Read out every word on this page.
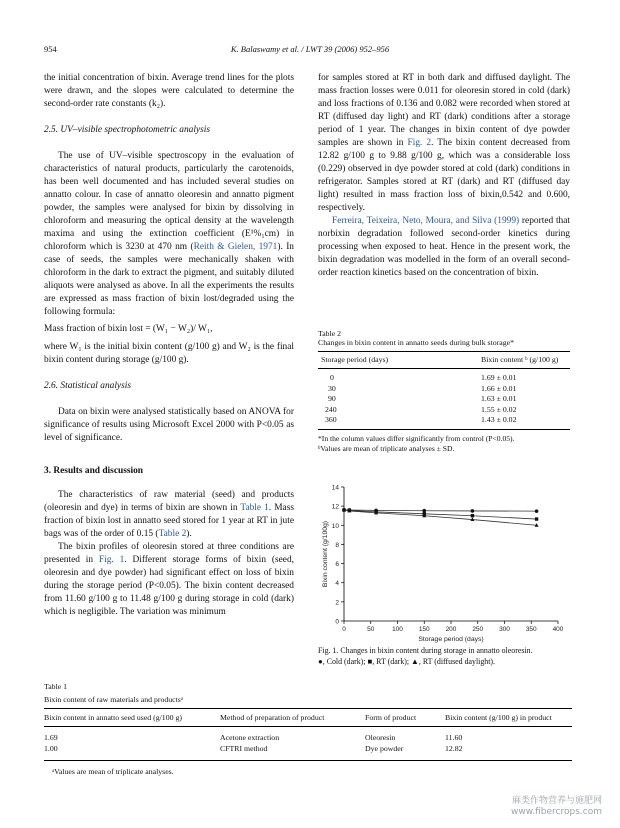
954	K. Balaswamy et al. / LWT 39 (2006) 952–956

the initial concentration of bixin. Average trend lines for the plots were drawn, and the slopes were calculated to determine the second-order rate constants (k₂).

2.5. UV–visible spectrophotometric analysis

The use of UV–visible spectroscopy in the evaluation of characteristics of natural products, particularly the carotenoids, has been well documented and has included several studies on annatto colour. In case of annatto oleoresin and annatto pigment powder, the samples were analysed for bixin by dissolving in chloroform and measuring the optical density at the wavelength maxima and using the extinction coefficient (E¹%₁cm) in chloroform which is 3230 at 470 nm (Reith & Gielen, 1971). In case of seeds, the samples were mechanically shaken with chloroform in the dark to extract the pigment, and suitably diluted aliquots were analysed as above. In all the experiments the results are expressed as mass fraction of bixin lost/degraded using the following formula:

Mass fraction of bixin lost = (W₁ − W₂)/ W₁,

where W₁ is the initial bixin content (g/100 g) and W₂ is the final bixin content during storage (g/100 g).

2.6. Statistical analysis

Data on bixin were analysed statistically based on ANOVA for significance of results using Microsoft Excel 2000 with P<0.05 as level of significance.

3. Results and discussion

The characteristics of raw material (seed) and products (oleoresin and dye) in terms of bixin are shown in Table 1. Mass fraction of bixin lost in annatto seed stored for 1 year at RT in jute bags was of the order of 0.15 (Table 2).

The bixin profiles of oleoresin stored at three conditions are presented in Fig. 1. Different storage forms of bixin (seed, oleoresin and dye powder) had significant effect on loss of bixin during the storage period (P<0.05). The bixin content decreased from 11.60 g/100 g to 11.48 g/100 g during storage in cold (dark) which is negligible. The variation was minimum

for samples stored at RT in both dark and diffused daylight. The mass fraction losses were 0.011 for oleoresin stored in cold (dark) and loss fractions of 0.136 and 0.082 were recorded when stored at RT (diffused day light) and RT (dark) conditions after a storage period of 1 year. The changes in bixin content of dye powder samples are shown in Fig. 2. The bixin content decreased from 12.82 g/100 g to 9.88 g/100 g, which was a considerable loss (0.229) observed in dye powder stored at cold (dark) conditions in refrigerator. Samples stored at RT (dark) and RT (diffused day light) resulted in mass fraction loss of bixin,0.542 and 0.600, respectively.

Ferreira, Teixeira, Neto, Moura, and Silva (1999) reported that norbixin degradation followed second-order kinetics during processing when exposed to heat. Hence in the present work, the bixin degradation was modelled in the form of an overall second-order reaction kinetics based on the concentration of bixin.

Table 2
Changes in bixin content in annatto seeds during bulk storage*
Storage period (days)	Bixin content ᵇ (g/100 g)
0	1.69 ± 0.01
30	1.66 ± 0.01
90	1.63 ± 0.01
240	1.55 ± 0.02
360	1.43 ± 0.02
*In the column values differ significantly from control (P<0.05).
ᵇValues are mean of triplicate analyses ± SD.
0
2
4
6
8
10
12
14
0	50	100 150 200 250 300 350 400
Storage period (days)
Bixin content (g/100g)
Fig. 1. Changes in bixin content during storage in annatto oleoresin.
●, Cold (dark); ■, RT (dark); ▲, RT (diffused daylight).
Table 1
Bixin content of raw materials and productsᵃ
Bixin content in annatto seed used (g/100 g)	Method of preparation of product	Form of product	Bixin content (g/100 g) in product
1.69	Acetone extraction	Oleoresin	11.60
1.00	CFTRI method	Dye powder	12.82
ᵃValues are mean of triplicate analyses.
麻类作物营养与施肥网
www.fibercrops.com
